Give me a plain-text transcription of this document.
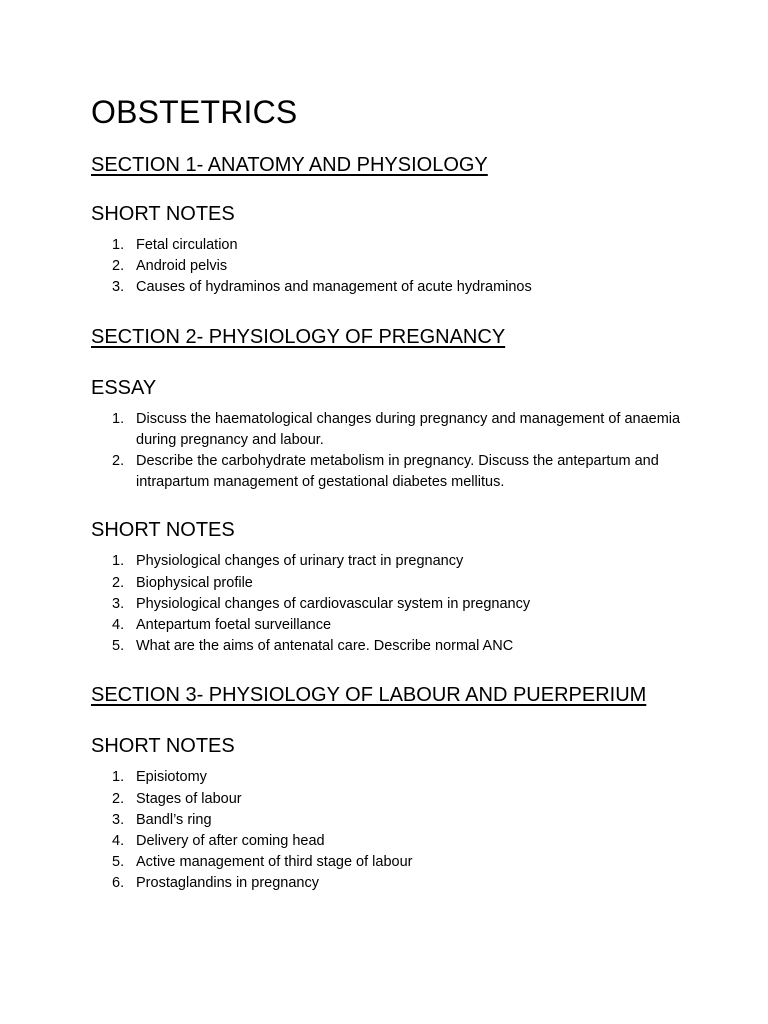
OBSTETRICS
SECTION 1- ANATOMY AND PHYSIOLOGY
SHORT NOTES
1. Fetal circulation
2. Android pelvis
3. Causes of hydraminos and management of acute hydraminos
SECTION 2- PHYSIOLOGY OF PREGNANCY
ESSAY
1. Discuss the haematological changes during pregnancy and management of anaemia during pregnancy and labour.
2. Describe the carbohydrate metabolism in pregnancy. Discuss the antepartum and intrapartum management of gestational diabetes mellitus.
SHORT NOTES
1. Physiological changes of urinary tract in pregnancy
2. Biophysical profile
3. Physiological changes of cardiovascular system in pregnancy
4. Antepartum foetal surveillance
5. What are the aims of antenatal care. Describe normal ANC
SECTION 3- PHYSIOLOGY OF LABOUR AND PUERPERIUM
SHORT NOTES
1. Episiotomy
2. Stages of labour
3. Bandl’s ring
4. Delivery of after coming head
5. Active management of third stage of labour
6. Prostaglandins in pregnancy
